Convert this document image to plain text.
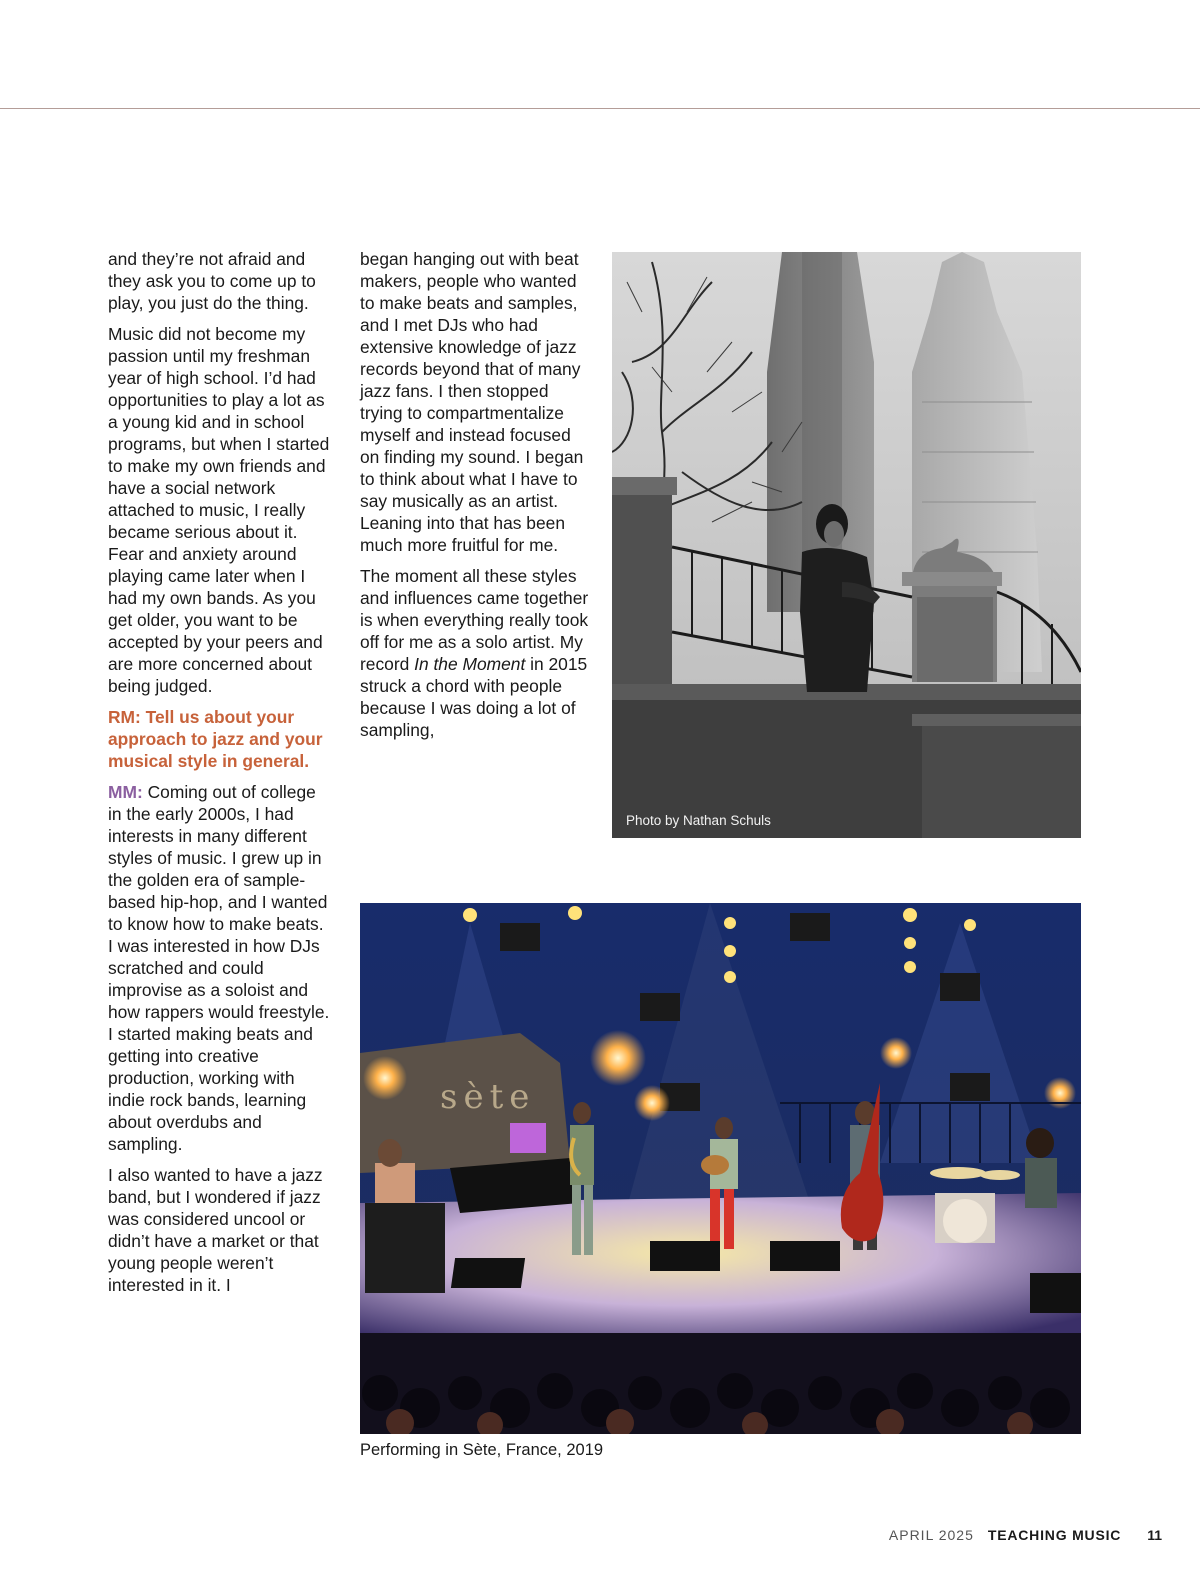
and they’re not afraid and they ask you to come up to play, you just do the thing.

Music did not become my passion until my freshman year of high school. I’d had opportunities to play a lot as a young kid and in school programs, but when I started to make my own friends and have a social network attached to music, I really became serious about it. Fear and anxiety around playing came later when I had my own bands. As you get older, you want to be accepted by your peers and are more concerned about being judged.

RM: Tell us about your approach to jazz and your musical style in general.

MM: Coming out of college in the early 2000s, I had interests in many different styles of music. I grew up in the golden era of sample-based hip-hop, and I wanted to know how to make beats. I was interested in how DJs scratched and could improvise as a soloist and how rappers would freestyle. I started making beats and getting into creative production, working with indie rock bands, learning about overdubs and sampling.

I also wanted to have a jazz band, but I wondered if jazz was considered uncool or didn’t have a market or that young people weren’t interested in it. I

began hanging out with beat makers, people who wanted to make beats and samples, and I met DJs who had extensive knowledge of jazz records beyond that of many jazz fans. I then stopped trying to compartmentalize myself and instead focused on finding my sound. I began to think about what I have to say musically as an artist. Leaning into that has been much more fruitful for me.

The moment all these styles and influences came together is when everything really took off for me as a solo artist. My record In the Moment in 2015 struck a chord with people because I was doing a lot of sampling,

Photo by Nathan Schuls
sète
Performing in Sète, France, 2019
APRIL 2025 TEACHING MUSIC 11
